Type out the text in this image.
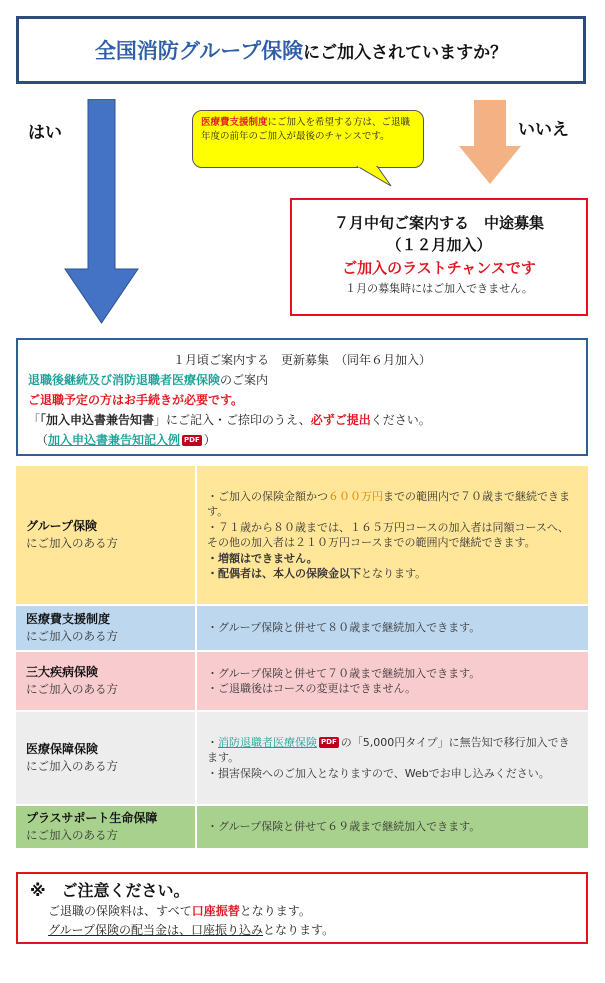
全国消防グループ保険 にご加入されていますか？
はい	いいえ
医療費支援制度にご加入を希望する方は、ご退職年度の前年のご加入が最後のチャンスです。
７月中旬ご案内する　中途募集
（１２月加入）
ご加入のラストチャンスです
１月の募集時にはご加入できません。
１月頃ご案内する　更新募集　（同年６月加入）
退職後継続及び消防退職者医療保険のご案内
ご退職予定の方はお手続きが必要です。
「「加入申込書兼告知書」にご記入・ご捺印のうえ、必ずご提出ください。
（加入申込書兼告知記入例 PDF ）
グループ保険
にご加入のある方
・ご加入の保険金額かつ６００万円までの範囲内で７０歳まで継続できます。
・７１歳から８０歳までは、１６５万円コースの加入者は同額コースへ、その他の加入者は２１０万円コースまでの範囲内で継続できます。
・増額はできません。
・配偶者は、本人の保険金以下となります。
医療費支援制度
にご加入のある方
・グループ保険と併せて８０歳まで継続加入できます。
三大疾病保険
にご加入のある方
・グループ保険と併せて７０歳まで継続加入できます。
・ご退職後はコースの変更はできません。
医療保障保険
にご加入のある方
・消防退職者医療保険 PDF の「5,000円タイプ」に無告知で移行加入できます。
・損害保険へのご加入となりますので、Webでお申し込みください。
プラスサポート生命保障
にご加入のある方
・グループ保険と併せて６９歳まで継続加入できます。
※　ご注意ください。
ご退職の保険料は、すべて口座振替となります。
グループ保険の配当金は、口座振り込みとなります。
